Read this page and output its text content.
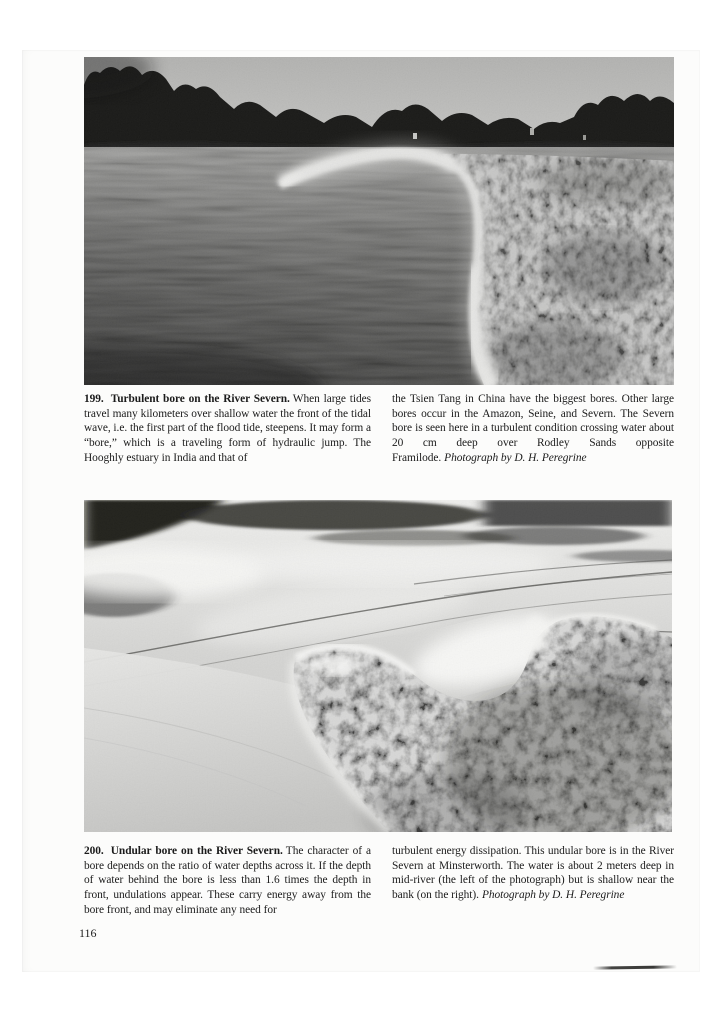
199. Turbulent bore on the River Severn. When large tides travel many kilometers over shallow water the front of the tidal wave, i.e. the first part of the flood tide, steepens. It may form a “bore,” which is a traveling form of hydraulic jump. The Hooghly estuary in India and that of

the Tsien Tang in China have the biggest bores. Other large bores occur in the Amazon, Seine, and Severn. The Severn bore is seen here in a turbulent condition crossing water about 20 cm deep over Rodley Sands opposite Framilode. Photograph by D. H. Peregrine

200. Undular bore on the River Severn. The character of a bore depends on the ratio of water depths across it. If the depth of water behind the bore is less than 1.6 times the depth in front, undulations appear. These carry energy away from the bore front, and may eliminate any need for

turbulent energy dissipation. This undular bore is in the River Severn at Minsterworth. The water is about 2 meters deep in mid-river (the left of the photograph) but is shallow near the bank (on the right). Photograph by D. H. Peregrine

116
